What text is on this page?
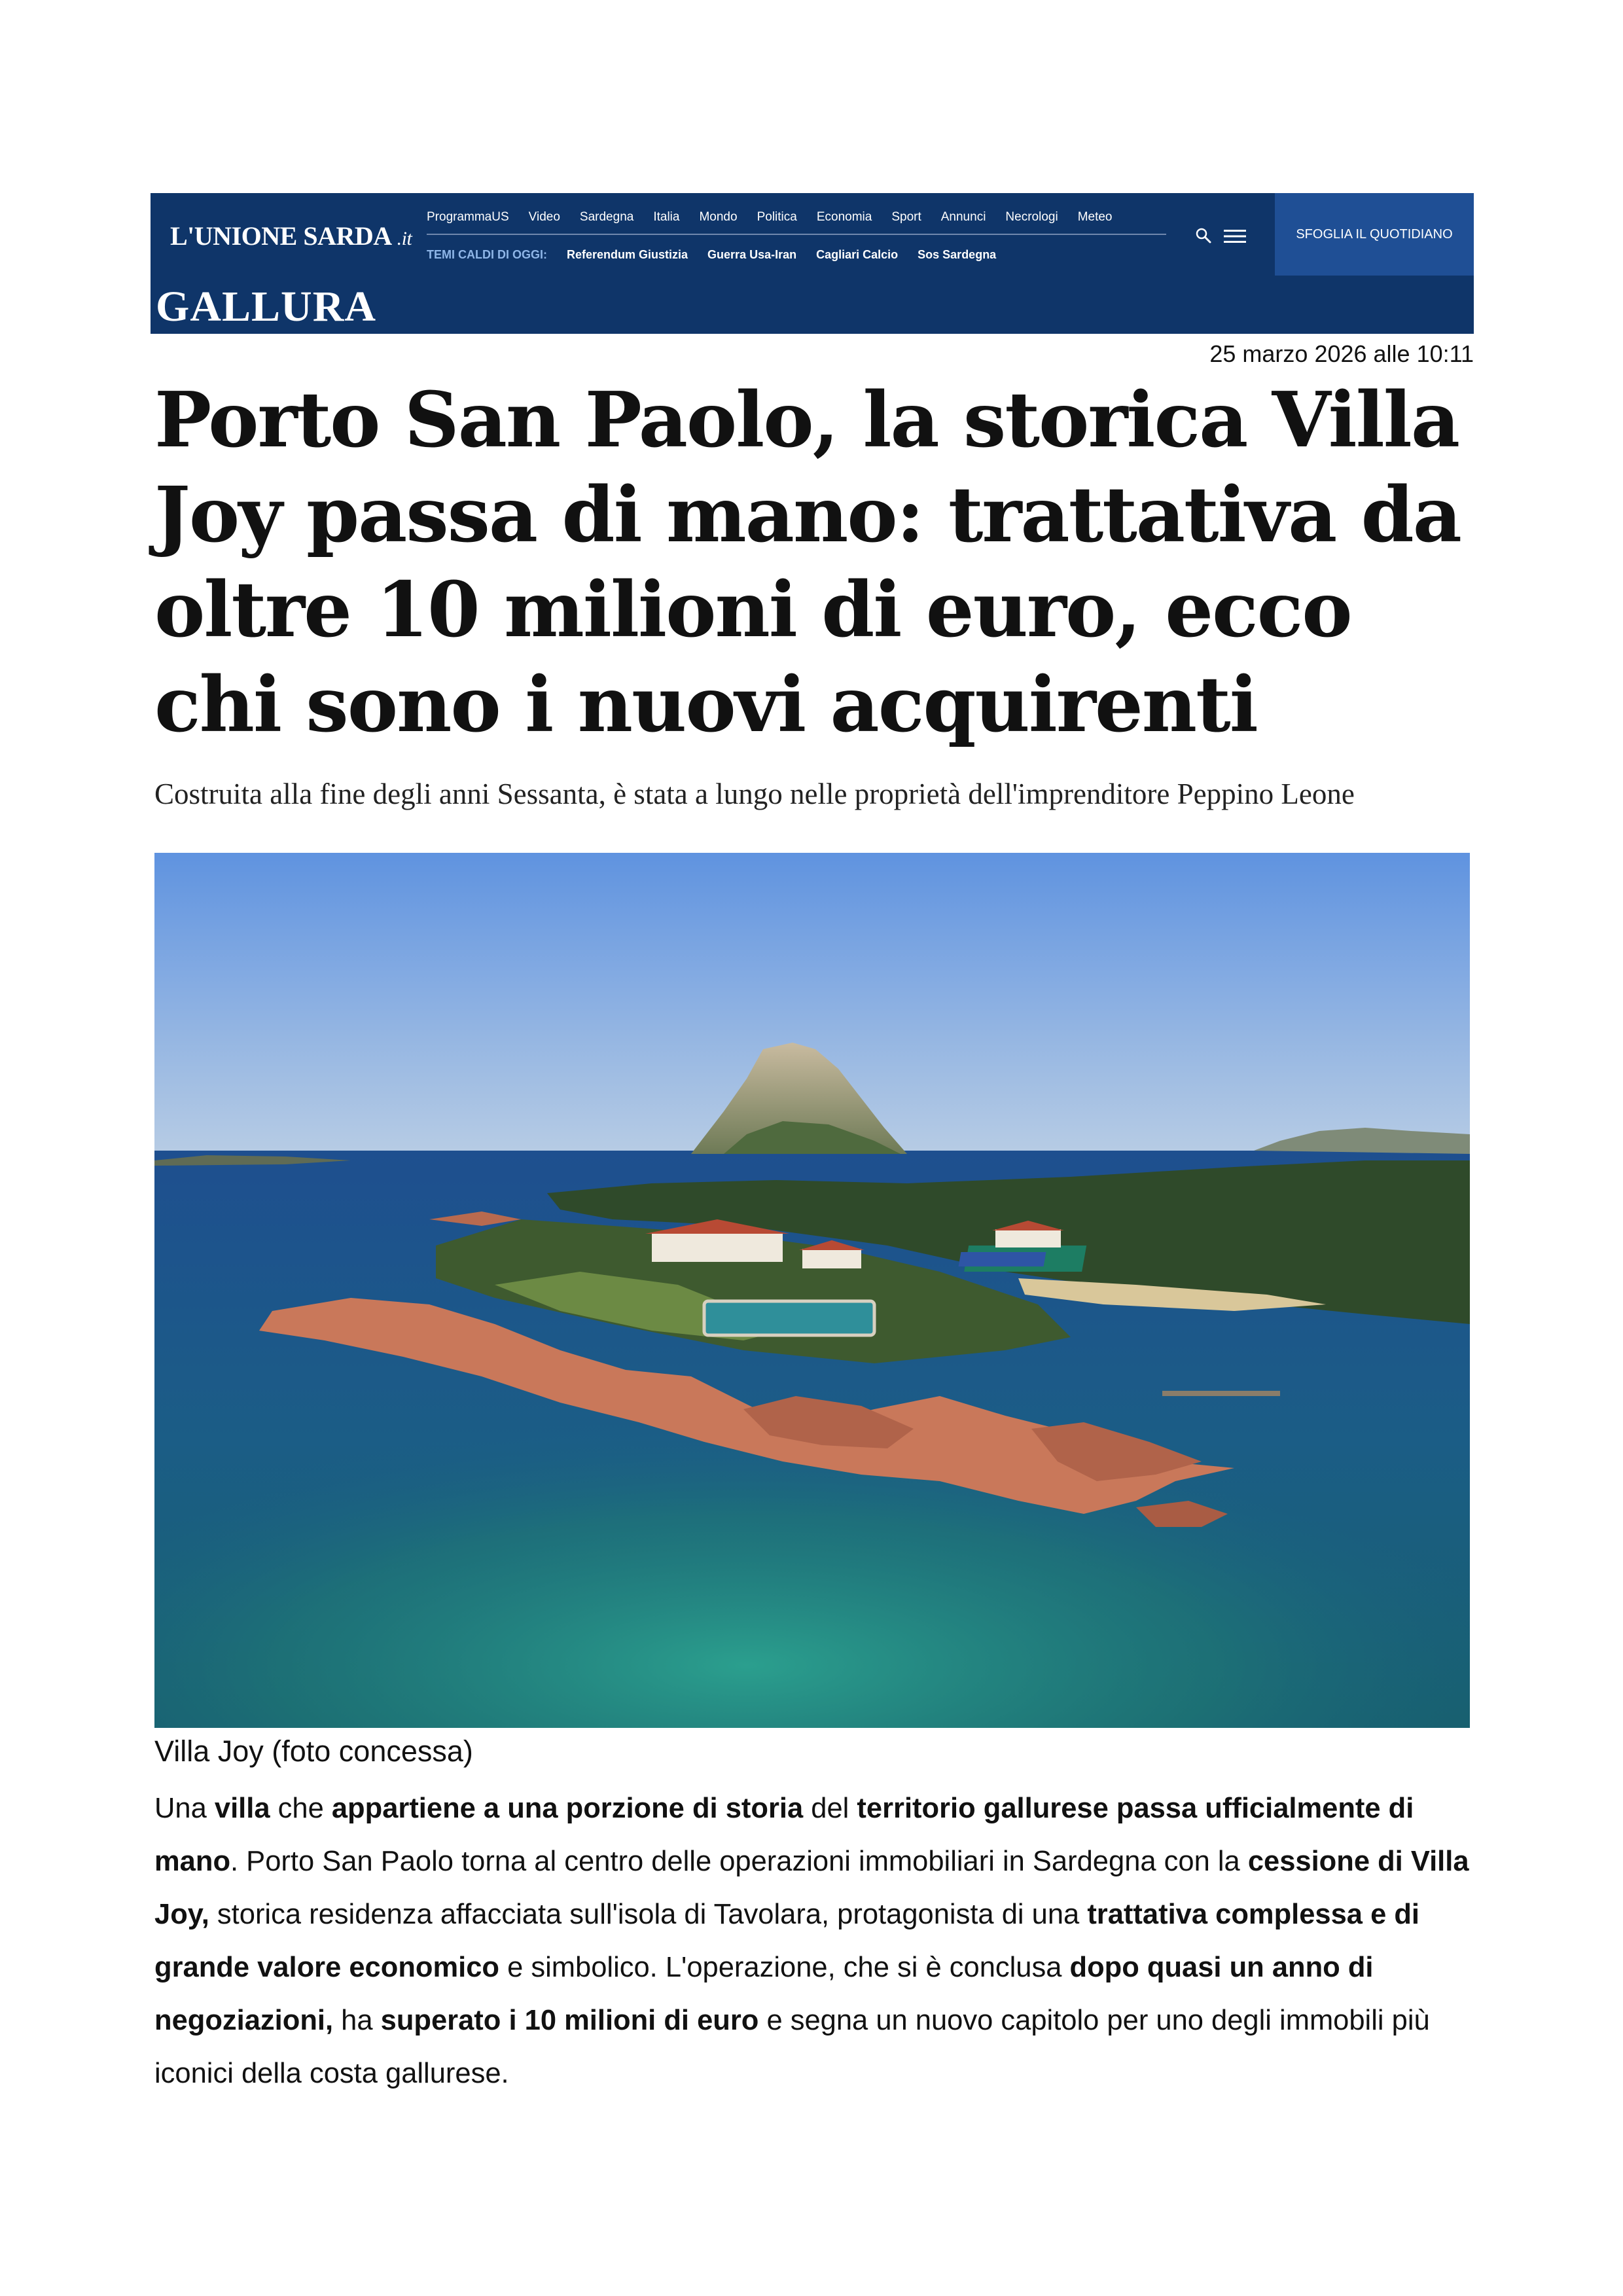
L'UNIONE SARDA .it
ProgrammaUS Video Sardegna Italia Mondo Politica Economia Sport Annunci Necrologi Meteo
TEMI CALDI DI OGGI: Referendum Giustizia Guerra Usa-Iran Cagliari Calcio Sos Sardegna
SFOGLIA IL QUOTIDIANO
GALLURA
25 marzo 2026 alle 10:11
Porto San Paolo, la storica Villa Joy passa di mano: trattativa da oltre 10 milioni di euro, ecco chi sono i nuovi acquirenti

Costruita alla fine degli anni Sessanta, è stata a lungo nelle proprietà dell'imprenditore Peppino Leone

Villa Joy (foto concessa)

Una villa che appartiene a una porzione di storia del territorio gallurese passa ufficialmente di mano. Porto San Paolo torna al centro delle operazioni immobiliari in Sardegna con la cessione di Villa Joy, storica residenza affacciata sull'isola di Tavolara, protagonista di una trattativa complessa e di grande valore economico e simbolico. L'operazione, che si è conclusa dopo quasi un anno di negoziazioni, ha superato i 10 milioni di euro e segna un nuovo capitolo per uno degli immobili più iconici della costa gallurese.
